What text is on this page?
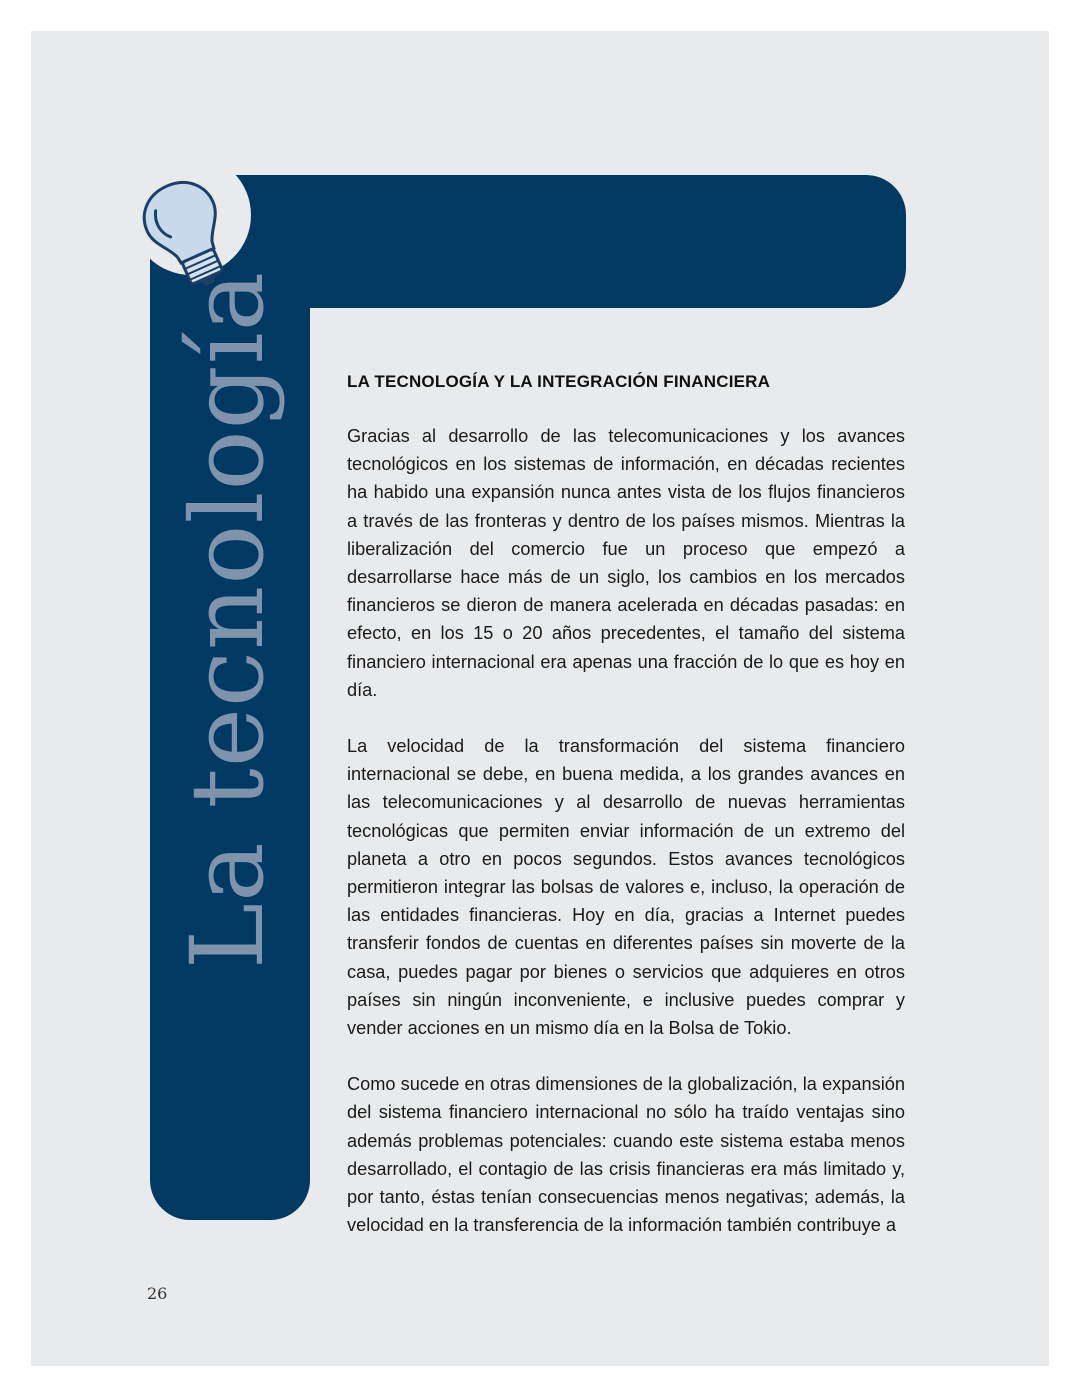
La tecnología	LA TECNOLOGÍA Y LA INTEGRACIÓN FINANCIERA

Gracias al desarrollo de las telecomunicaciones y los avances tecnológicos en los sistemas de información, en décadas recientes ha habido una expansión nunca antes vista de los flujos financieros a través de las fronteras y dentro de los países mismos. Mientras la liberalización del comercio fue un proceso que empezó a desarrollarse hace más de un siglo, los cambios en los mercados financieros se dieron de manera acelerada en décadas pasadas: en efecto, en los 15 o 20 años precedentes, el tamaño del sistema financiero internacional era apenas una fracción de lo que es hoy en día.

La velocidad de la transformación del sistema financiero internacional se debe, en buena medida, a los grandes avances en las telecomunicaciones y al desarrollo de nuevas herramientas tecnológicas que permiten enviar información de un extremo del planeta a otro en pocos segundos. Estos avances tecnológicos permitieron integrar las bolsas de valores e, incluso, la operación de las entidades financieras. Hoy en día, gracias a Internet puedes transferir fondos de cuentas en diferentes países sin moverte de la casa, puedes pagar por bienes o servicios que adquieres en otros países sin ningún inconveniente, e inclusive puedes comprar y vender acciones en un mismo día en la Bolsa de Tokio.

Como sucede en otras dimensiones de la globalización, la expansión del sistema financiero internacional no sólo ha traído ventajas sino además problemas potenciales: cuando este sistema estaba menos desarrollado, el contagio de las crisis financieras era más limitado y, por tanto, éstas tenían consecuencias menos negativas; además, la velocidad en la transferencia de la información también contribuye a

26
